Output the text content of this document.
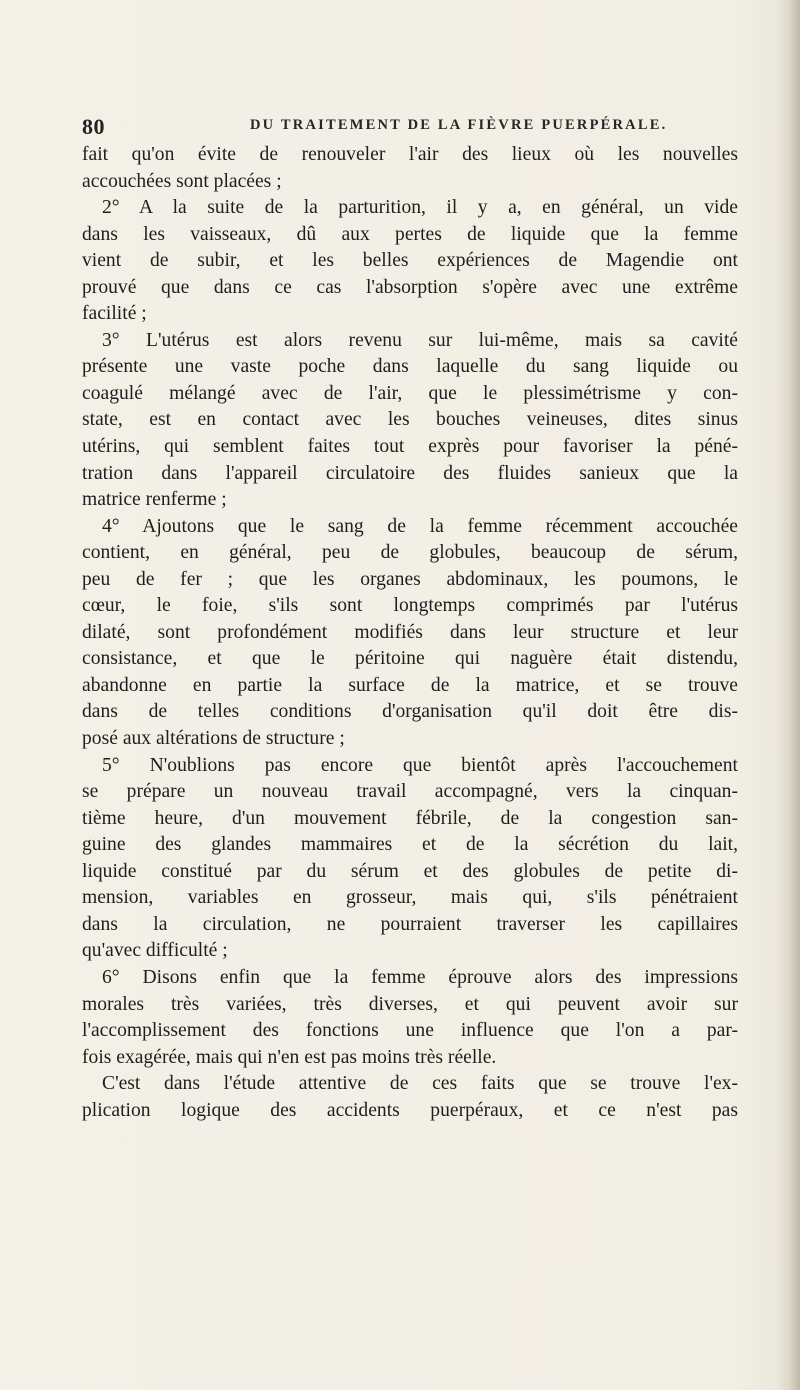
80	DU TRAITEMENT DE LA FIÈVRE PUERPÉRALE.
fait qu'on évite de renouveler l'air des lieux où les nouvelles
accouchées sont placées ;
2° A la suite de la parturition, il y a, en général, un vide
dans les vaisseaux, dû aux pertes de liquide que la femme
vient de subir, et les belles expériences de Magendie ont
prouvé que dans ce cas l'absorption s'opère avec une extrême
facilité ;
3° L'utérus est alors revenu sur lui-même, mais sa cavité
présente une vaste poche dans laquelle du sang liquide ou
coagulé mélangé avec de l'air, que le plessimétrisme y con-
state, est en contact avec les bouches veineuses, dites sinus
utérins, qui semblent faites tout exprès pour favoriser la péné-
tration dans l'appareil circulatoire des fluides sanieux que la
matrice renferme ;
4° Ajoutons que le sang de la femme récemment accouchée
contient, en général, peu de globules, beaucoup de sérum,
peu de fer ; que les organes abdominaux, les poumons, le
cœur, le foie, s'ils sont longtemps comprimés par l'utérus
dilaté, sont profondément modifiés dans leur structure et leur
consistance, et que le péritoine qui naguère était distendu,
abandonne en partie la surface de la matrice, et se trouve
dans de telles conditions d'organisation qu'il doit être dis-
posé aux altérations de structure ;
5° N'oublions pas encore que bientôt après l'accouchement
se prépare un nouveau travail accompagné, vers la cinquan-
tième heure, d'un mouvement fébrile, de la congestion san-
guine des glandes mammaires et de la sécrétion du lait,
liquide constitué par du sérum et des globules de petite di-
mension, variables en grosseur, mais qui, s'ils pénétraient
dans la circulation, ne pourraient traverser les capillaires
qu'avec difficulté ;
6° Disons enfin que la femme éprouve alors des impressions
morales très variées, très diverses, et qui peuvent avoir sur
l'accomplissement des fonctions une influence que l'on a par-
fois exagérée, mais qui n'en est pas moins très réelle.
C'est dans l'étude attentive de ces faits que se trouve l'ex-
plication logique des accidents puerpéraux, et ce n'est pas
